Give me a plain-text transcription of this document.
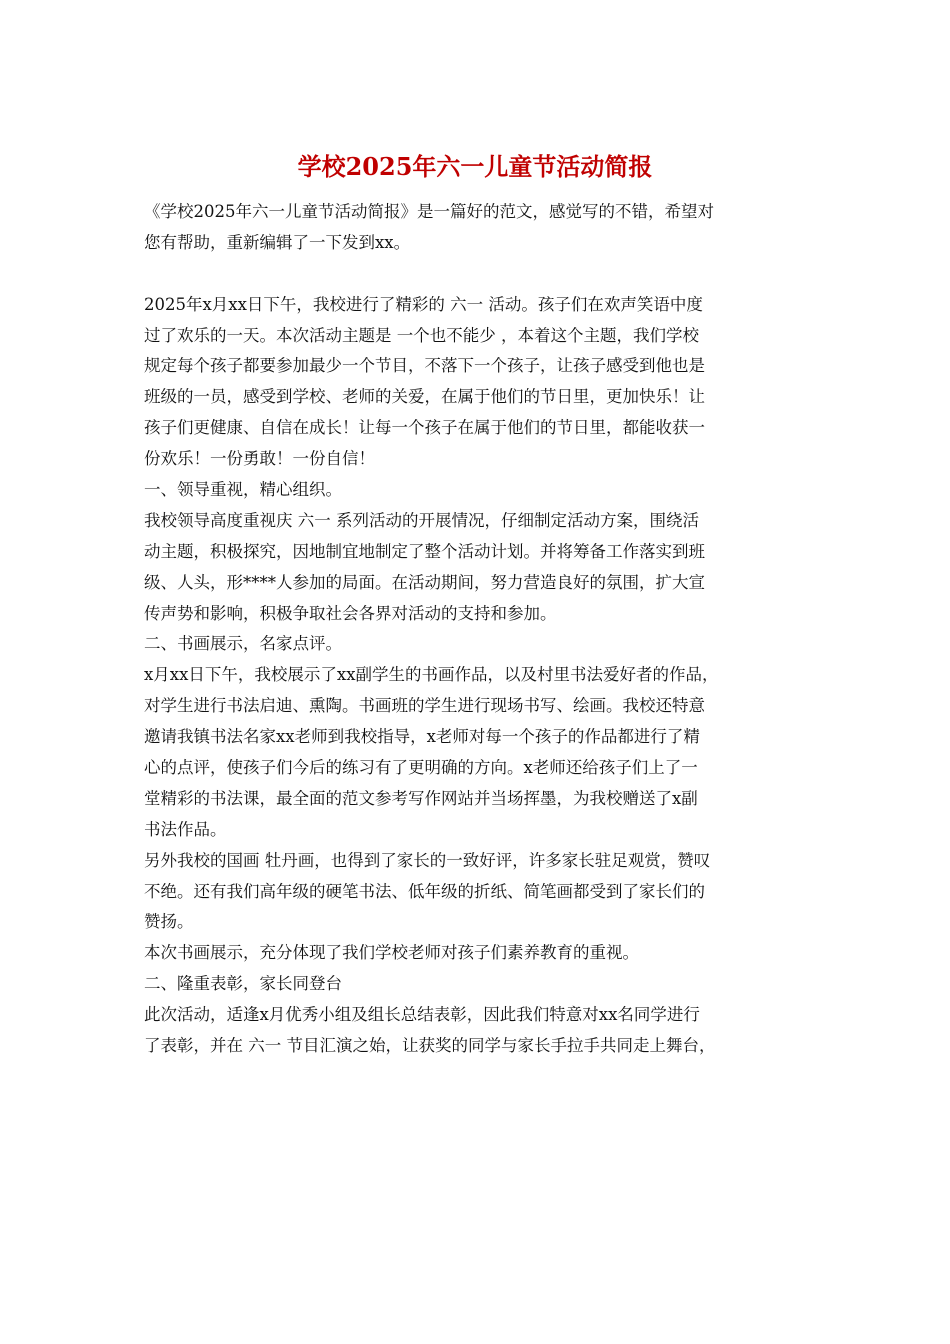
学校2025年六一儿童节活动简报
《学校2025年六一儿童节活动简报》是一篇好的范文，感觉写的不错，希望对
您有帮助，重新编辑了一下发到xx。
2025年x月xx日下午，我校进行了精彩的 六一 活动。孩子们在欢声笑语中度
过了欢乐的一天。本次活动主题是 一个也不能少 ，本着这个主题，我们学校
规定每个孩子都要参加最少一个节目，不落下一个孩子，让孩子感受到他也是
班级的一员，感受到学校、老师的关爱，在属于他们的节日里，更加快乐！让
孩子们更健康、自信在成长！让每一个孩子在属于他们的节日里，都能收获一
份欢乐！一份勇敢！一份自信！
一、领导重视，精心组织。
我校领导高度重视庆 六一 系列活动的开展情况，仔细制定活动方案，围绕活
动主题，积极探究，因地制宜地制定了整个活动计划。并将筹备工作落实到班
级、人头，形****人参加的局面。在活动期间，努力营造良好的氛围，扩大宣
传声势和影响，积极争取社会各界对活动的支持和参加。
二、书画展示，名家点评。
x月xx日下午，我校展示了xx副学生的书画作品，以及村里书法爱好者的作品，
对学生进行书法启迪、熏陶。书画班的学生进行现场书写、绘画。我校还特意
邀请我镇书法名家xx老师到我校指导，x老师对每一个孩子的作品都进行了精
心的点评，使孩子们今后的练习有了更明确的方向。x老师还给孩子们上了一
堂精彩的书法课，最全面的范文参考写作网站并当场挥墨，为我校赠送了x副
书法作品。
另外我校的国画 牡丹画，也得到了家长的一致好评，许多家长驻足观赏，赞叹
不绝。还有我们高年级的硬笔书法、低年级的折纸、简笔画都受到了家长们的
赞扬。
本次书画展示，充分体现了我们学校老师对孩子们素养教育的重视。
二、隆重表彰，家长同登台
此次活动，适逢x月优秀小组及组长总结表彰，因此我们特意对xx名同学进行
了表彰，并在 六一 节目汇演之始，让获奖的同学与家长手拉手共同走上舞台，
